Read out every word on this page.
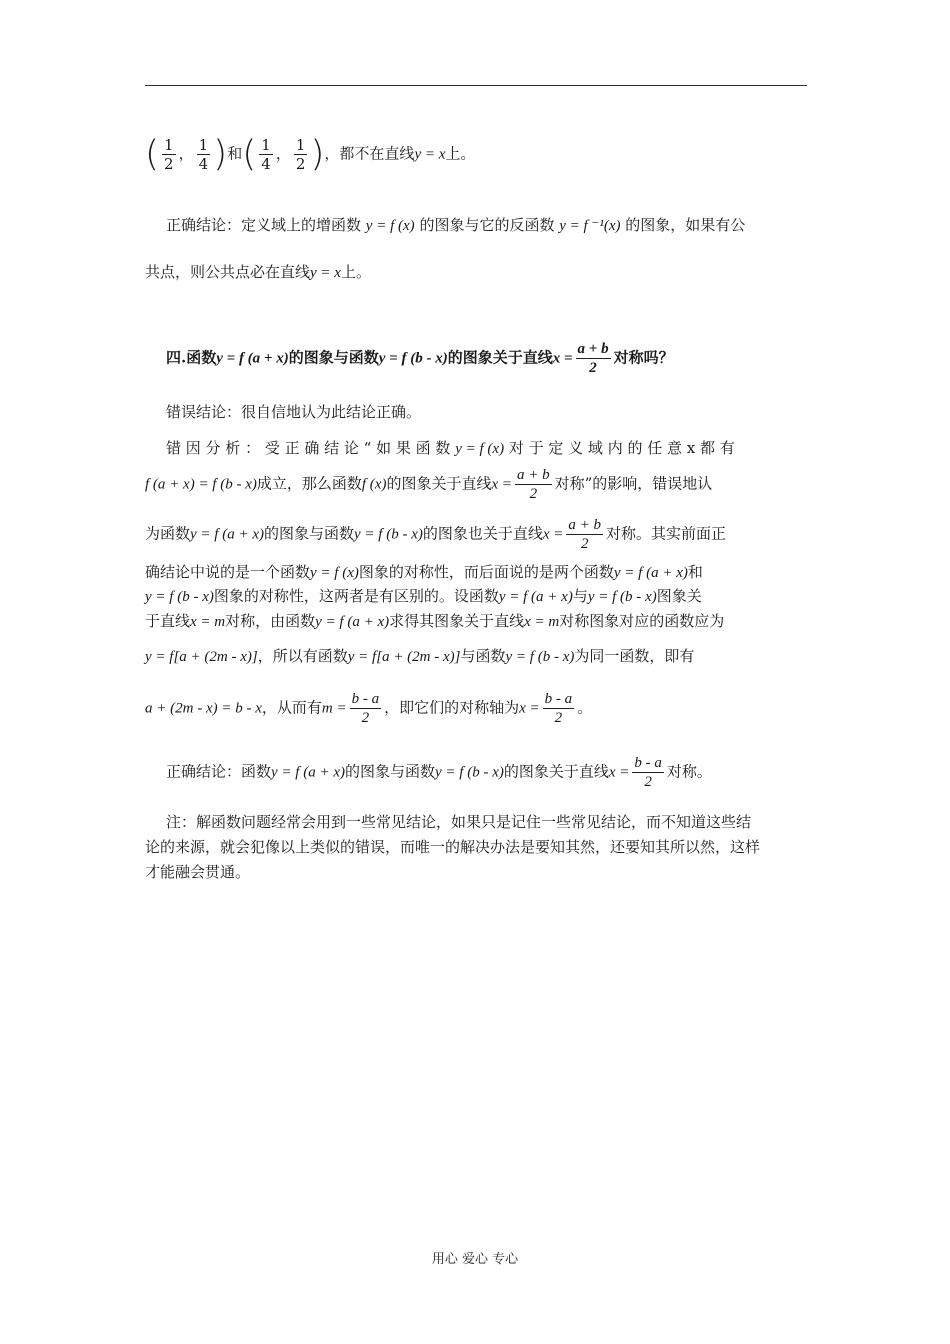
( $\frac{1}{2}$ ， $\frac{1}{4}$ )和( $\frac{1}{4}$ ， $\frac{1}{2}$ )，都不在直线y = x上。
正确结论：定义域上的增函数 y = f (x) 的图象与它的反函数 y = f ⁻¹(x) 的图象，如果有公
共点，则公共点必在直线y = x上。
四.函数y = f (a + x)的图象与函数y = f (b - x)的图象关于直线$x = \frac{a + b}{2}$ 对称吗？
错误结论：很自信地认为此结论正确。
错 因 分 析 ： 受 正 确 结 论 “ 如 果 函 数 y = f (x) 对 于 定 义 域 内 的 任 意 x 都 有
f (a + x) = f (b - x)成立，那么函数f (x)的图象关于直线$x = \frac{a + b}{2}$ 对称”的影响，错误地认
为函数y = f (a + x)的图象与函数y = f (b - x)的图象也关于直线$x = \frac{a + b}{2}$ 对称。其实前面正
确结论中说的是一个函数y = f (x)图象的对称性，而后面说的是两个函数y = f (a + x)和
y = f (b - x)图象的对称性，这两者是有区别的。设函数y = f (a + x)与y = f (b - x)图象关
于直线x = m对称，由函数y = f (a + x)求得其图象关于直线x = m对称图象对应的函数应为
y = f[a + (2m - x)]，所以有函数y = f[a + (2m - x)]与函数y = f (b - x)为同一函数，即有
a + (2m - x) = b - x，从而有$m = \frac{b - a}{2}$ ，即它们的对称轴为$x = \frac{b - a}{2}$ 。
正确结论：函数y = f (a + x)的图象与函数y = f (b - x)的图象关于直线$x = \frac{b - a}{2}$ 对称。
注：解函数问题经常会用到一些常见结论，如果只是记住一些常见结论，而不知道这些结
论的来源，就会犯像以上类似的错误，而唯一的解决办法是要知其然，还要知其所以然，这样
才能融会贯通。
用心 爱心 专心
